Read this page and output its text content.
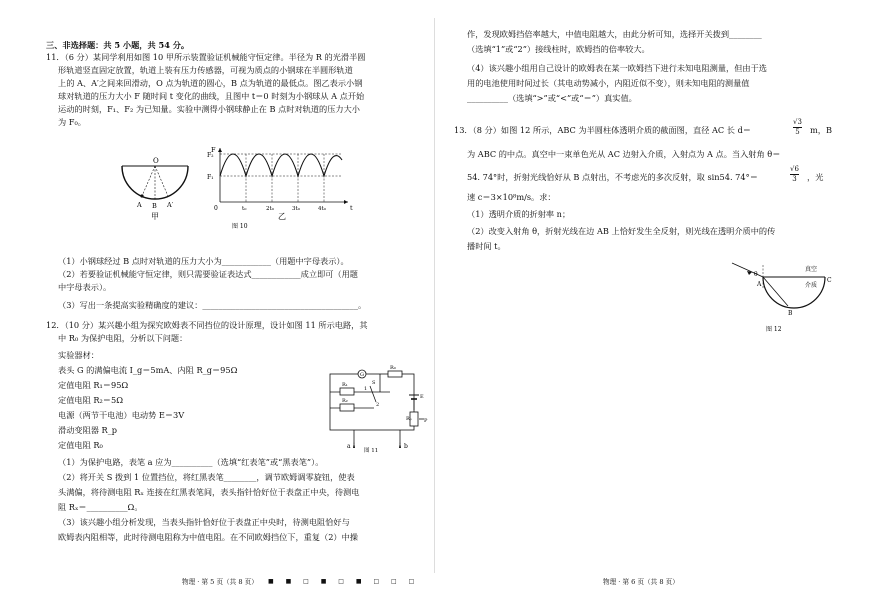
三、非选择题：共 5 小题，共 54 分。
11．（6 分）某同学利用如图 10 甲所示装置验证机械能守恒定律。半径为 R 的光滑半圆
形轨道竖直固定放置，轨道上装有压力传感器，可视为质点的小钢球在半圆形轨道
上的 A、A′之间来回滑动，O 点为轨道的圆心，B 点为轨道的最低点。图乙表示小钢
球对轨道的压力大小 F 随时间 t 变化的曲线，且图中 t＝0 时刻为小钢球从 A 点开始
运动的时刻，F₁、F₂ 为已知量。实验中测得小钢球静止在 B 点时对轨道的压力大小
为 F₀。
O
A B A′
甲
F
F₂
F₁
0	t₀	2t₀	3t₀	4t₀	t
乙
图 10
（1）小钢球经过 B 点时对轨道的压力大小为____________（用题中字母表示）。
（2）若要验证机械能守恒定律，则只需要验证表达式____________成立即可（用题
中字母表示）。
（3）写出一条提高实验精确度的建议：______________________________________。
12．（10 分）某兴趣小组为探究欧姆表不同挡位的设计原理，设计如图 11 所示电路，其
中 R₀ 为保护电阻，分析以下问题：
实验器材：
表头 G 的满偏电流 I_g＝5mA、内阻 R_g＝95Ω
定值电阻 R₁＝95Ω
定值电阻 R₂＝5Ω
电源（两节干电池）电动势 E＝3V
滑动变阻器 R_p
定值电阻 R₀
G
R₁
R₂
R₀
Rₚ
E
S
P
1
2
a	b
图 11
（1）为保护电路，表笔 a 应为__________（选填“红表笔”或“黑表笔”）。
（2）将开关 S 拨到 1 位置挡位，将红黑表笔________，调节欧姆调零旋钮，使表
头满偏，将待测电阻 Rₓ 连接在红黑表笔间，表头指针恰好位于表盘正中央，待测电
阻 Rₓ＝__________Ω。
（3）该兴趣小组分析发现，当表头指针恰好位于表盘正中央时，待测电阻恰好与
欧姆表内阻相等，此时待测电阻称为中值电阻。在不同欧姆挡位下，重复（2）中操
物理 · 第 5 页（共 8 页） ■ ■ □ ■ □ ■ □ □ □
作，发现欧姆挡倍率越大，中值电阻越大，由此分析可知，选择开关拨到________
（选填“1”或“2”）接线柱时，欧姆挡的倍率较大。
（4）该兴趣小组用自己设计的欧姆表在某一欧姆挡下进行未知电阻测量，但由于选
用的电池使用时间过长（其电动势减小，内阻近似不变），则未知电阻的测量值
__________（选填“>”或“<”或“＝”）真实值。
13．（8 分）如图 12 所示，ABC 为半圆柱体透明介质的截面图，直径 AC 长 d＝	$\frac{√3}{5}$ m，B
为 ABC 的中点。真空中一束单色光从 AC 边射入介质，入射点为 A 点。当入射角 θ＝
54. 74°时，折射光线恰好从 B 点射出，不考虑光的多次反射，取 sin54. 74°＝	$\frac{√6}{3}$ ，光
速 c＝3×10⁸m/s。求：
（1）透明介质的折射率 n；
（2）改变入射角 θ，折射光线在边 AB 上恰好发生全反射，则光线在透明介质中的传
播时间 t。
θ
A
B
C
真空
介质
图 12
物理 · 第 6 页（共 8 页）
